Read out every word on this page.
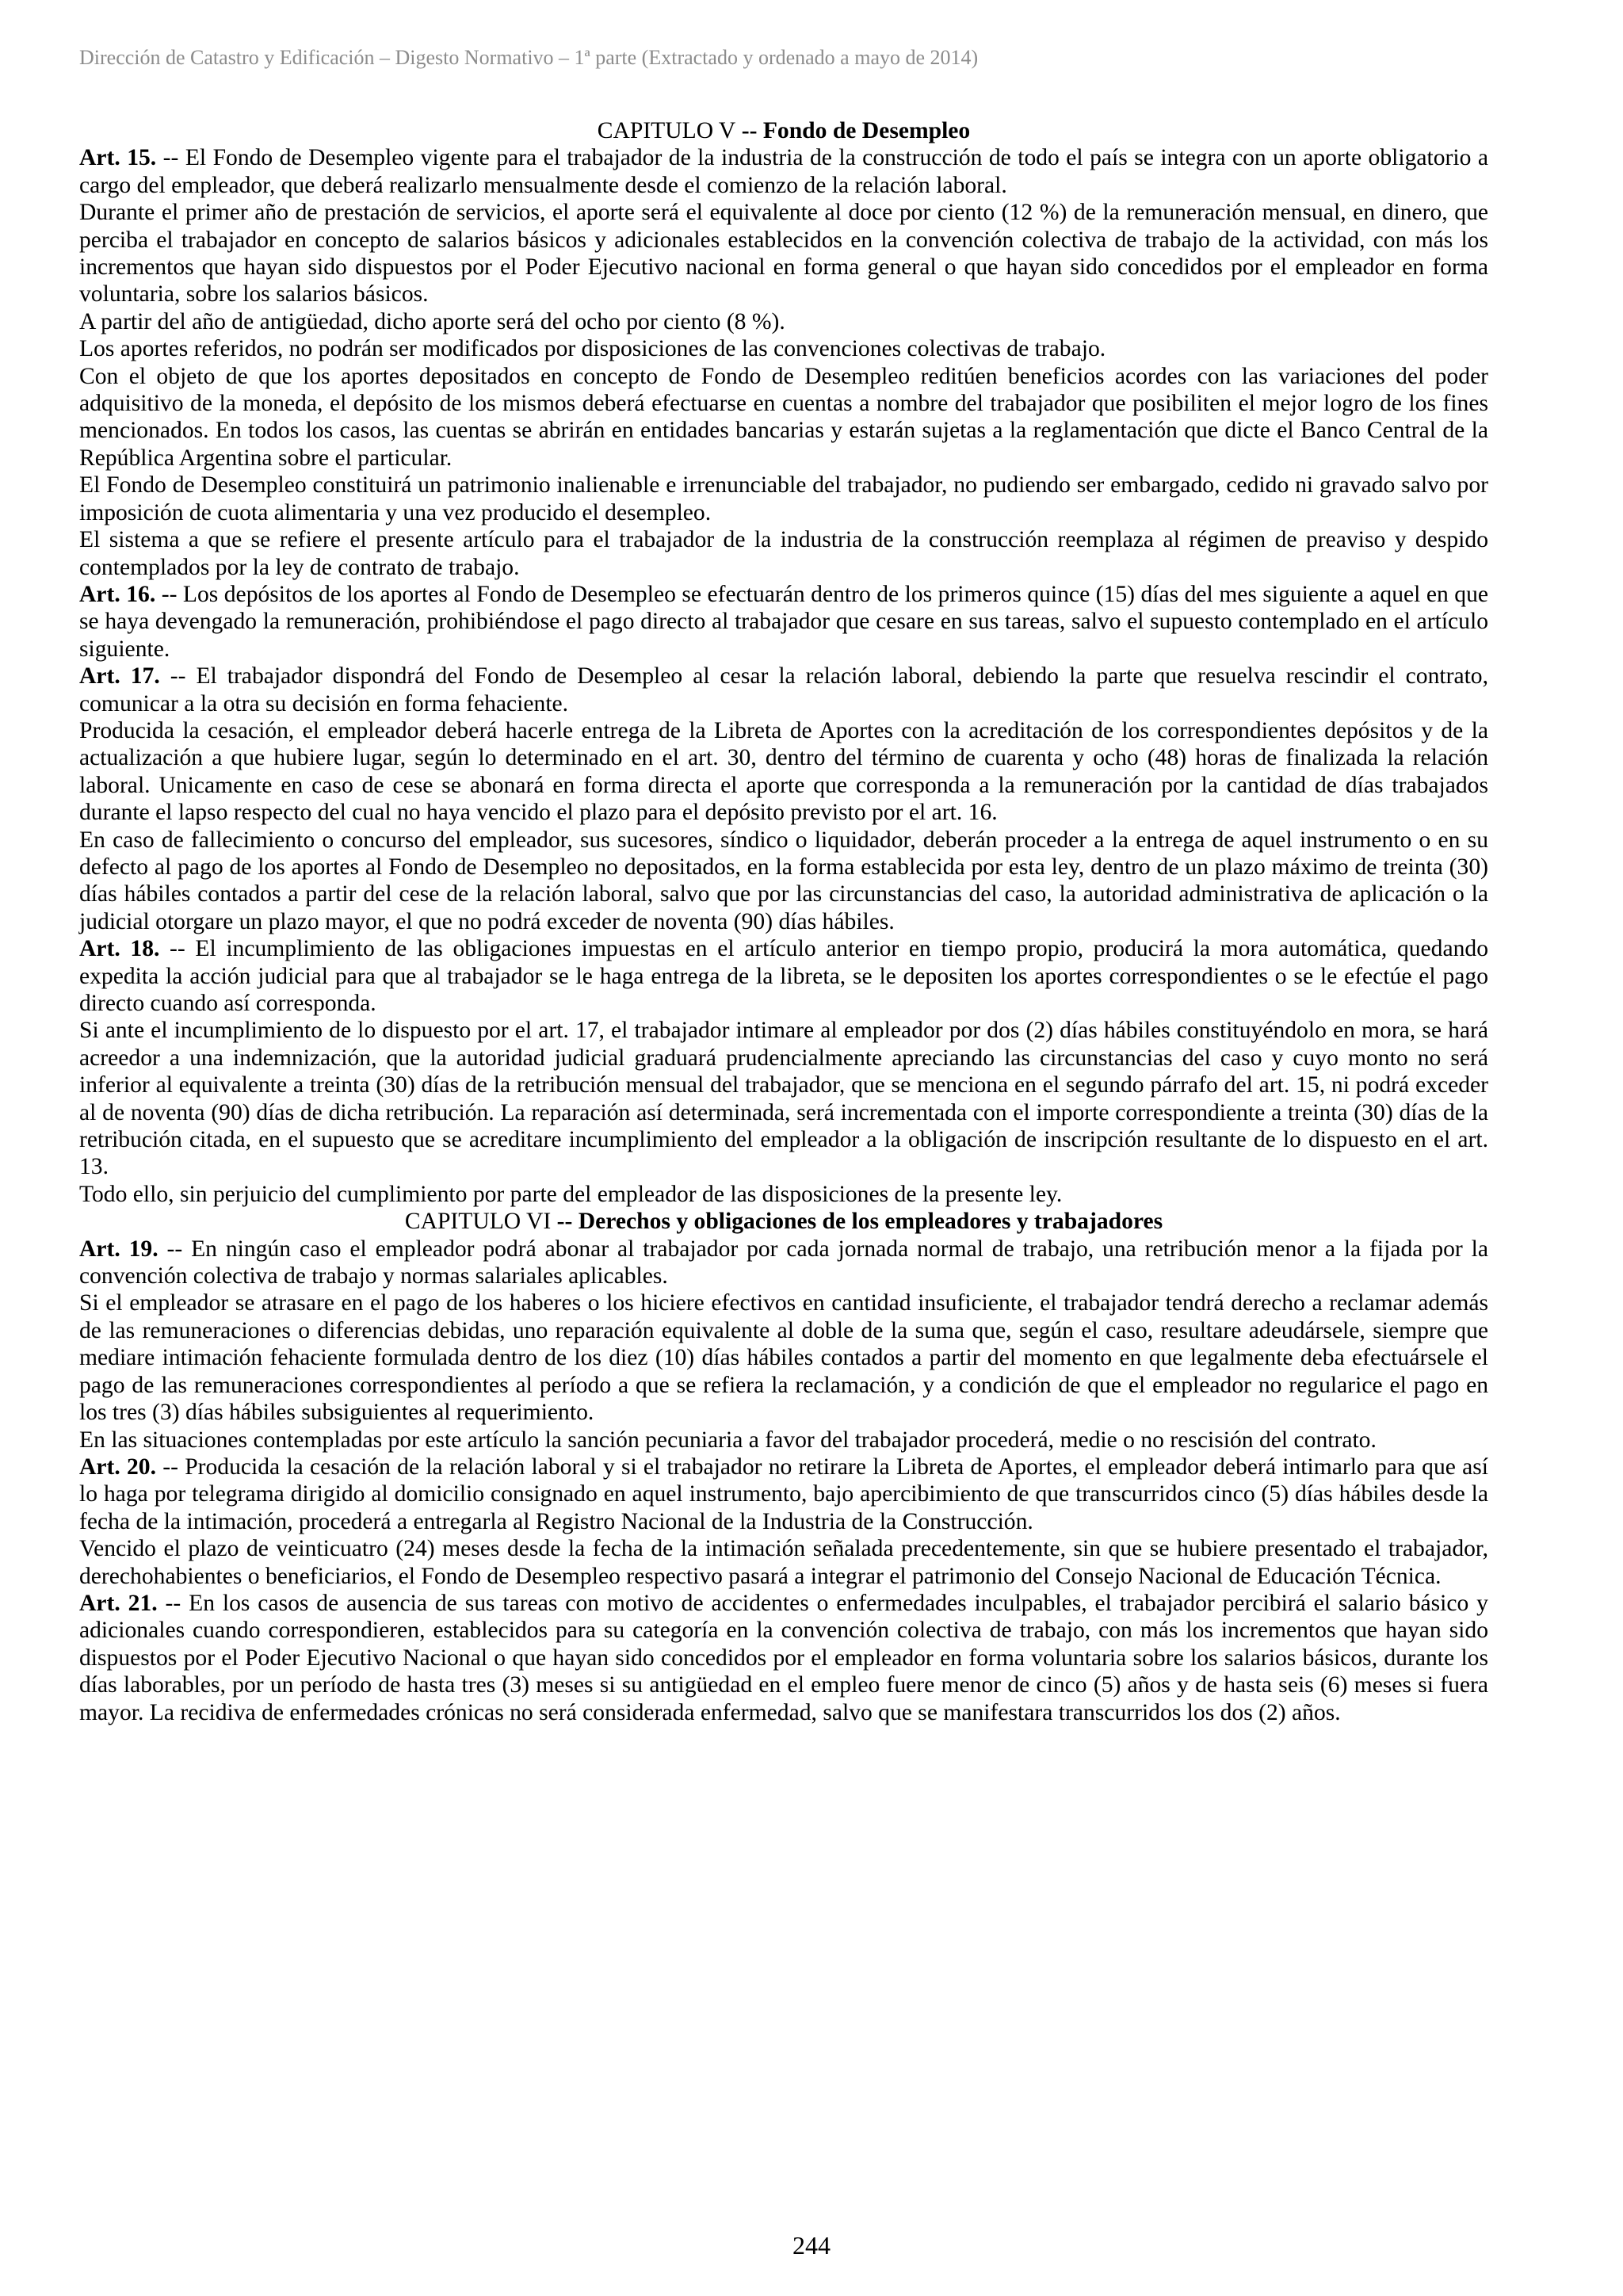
Dirección de Catastro y Edificación – Digesto Normativo – 1ª parte (Extractado y ordenado a mayo de 2014)

CAPITULO V -- Fondo de Desempleo

Art. 15. -- El Fondo de Desempleo vigente para el trabajador de la industria de la construcción de todo el país se integra con un aporte obligatorio a cargo del empleador, que deberá realizarlo mensualmente desde el comienzo de la relación laboral.

Durante el primer año de prestación de servicios, el aporte será el equivalente al doce por ciento (12 %) de la remuneración mensual, en dinero, que perciba el trabajador en concepto de salarios básicos y adicionales establecidos en la convención colectiva de trabajo de la actividad, con más los incrementos que hayan sido dispuestos por el Poder Ejecutivo nacional en forma general o que hayan sido concedidos por el empleador en forma voluntaria, sobre los salarios básicos.

A partir del año de antigüedad, dicho aporte será del ocho por ciento (8 %).

Los aportes referidos, no podrán ser modificados por disposiciones de las convenciones colectivas de trabajo.

Con el objeto de que los aportes depositados en concepto de Fondo de Desempleo reditúen beneficios acordes con las variaciones del poder adquisitivo de la moneda, el depósito de los mismos deberá efectuarse en cuentas a nombre del trabajador que posibiliten el mejor logro de los fines mencionados. En todos los casos, las cuentas se abrirán en entidades bancarias y estarán sujetas a la reglamentación que dicte el Banco Central de la República Argentina sobre el particular.

El Fondo de Desempleo constituirá un patrimonio inalienable e irrenunciable del trabajador, no pudiendo ser embargado, cedido ni gravado salvo por imposición de cuota alimentaria y una vez producido el desempleo.

El sistema a que se refiere el presente artículo para el trabajador de la industria de la construcción reemplaza al régimen de preaviso y despido contemplados por la ley de contrato de trabajo.

Art. 16. -- Los depósitos de los aportes al Fondo de Desempleo se efectuarán dentro de los primeros quince (15) días del mes siguiente a aquel en que se haya devengado la remuneración, prohibiéndose el pago directo al trabajador que cesare en sus tareas, salvo el supuesto contemplado en el artículo siguiente.

Art. 17. -- El trabajador dispondrá del Fondo de Desempleo al cesar la relación laboral, debiendo la parte que resuelva rescindir el contrato, comunicar a la otra su decisión en forma fehaciente.

Producida la cesación, el empleador deberá hacerle entrega de la Libreta de Aportes con la acreditación de los correspondientes depósitos y de la actualización a que hubiere lugar, según lo determinado en el art. 30, dentro del término de cuarenta y ocho (48) horas de finalizada la relación laboral. Unicamente en caso de cese se abonará en forma directa el aporte que corresponda a la remuneración por la cantidad de días trabajados durante el lapso respecto del cual no haya vencido el plazo para el depósito previsto por el art. 16.

En caso de fallecimiento o concurso del empleador, sus sucesores, síndico o liquidador, deberán proceder a la entrega de aquel instrumento o en su defecto al pago de los aportes al Fondo de Desempleo no depositados, en la forma establecida por esta ley, dentro de un plazo máximo de treinta (30) días hábiles contados a partir del cese de la relación laboral, salvo que por las circunstancias del caso, la autoridad administrativa de aplicación o la judicial otorgare un plazo mayor, el que no podrá exceder de noventa (90) días hábiles.

Art. 18. -- El incumplimiento de las obligaciones impuestas en el artículo anterior en tiempo propio, producirá la mora automática, quedando expedita la acción judicial para que al trabajador se le haga entrega de la libreta, se le depositen los aportes correspondientes o se le efectúe el pago directo cuando así corresponda.

Si ante el incumplimiento de lo dispuesto por el art. 17, el trabajador intimare al empleador por dos (2) días hábiles constituyéndolo en mora, se hará acreedor a una indemnización, que la autoridad judicial graduará prudencialmente apreciando las circunstancias del caso y cuyo monto no será inferior al equivalente a treinta (30) días de la retribución mensual del trabajador, que se menciona en el segundo párrafo del art. 15, ni podrá exceder al de noventa (90) días de dicha retribución. La reparación así determinada, será incrementada con el importe correspondiente a treinta (30) días de la retribución citada, en el supuesto que se acreditare incumplimiento del empleador a la obligación de inscripción resultante de lo dispuesto en el art. 13.

Todo ello, sin perjuicio del cumplimiento por parte del empleador de las disposiciones de la presente ley.

CAPITULO VI -- Derechos y obligaciones de los empleadores y trabajadores

Art. 19. -- En ningún caso el empleador podrá abonar al trabajador por cada jornada normal de trabajo, una retribución menor a la fijada por la convención colectiva de trabajo y normas salariales aplicables.

Si el empleador se atrasare en el pago de los haberes o los hiciere efectivos en cantidad insuficiente, el trabajador tendrá derecho a reclamar además de las remuneraciones o diferencias debidas, uno reparación equivalente al doble de la suma que, según el caso, resultare adeudársele, siempre que mediare intimación fehaciente formulada dentro de los diez (10) días hábiles contados a partir del momento en que legalmente deba efectuársele el pago de las remuneraciones correspondientes al período a que se refiera la reclamación, y a condición de que el empleador no regularice el pago en los tres (3) días hábiles subsiguientes al requerimiento.

En las situaciones contempladas por este artículo la sanción pecuniaria a favor del trabajador procederá, medie o no rescisión del contrato.

Art. 20. -- Producida la cesación de la relación laboral y si el trabajador no retirare la Libreta de Aportes, el empleador deberá intimarlo para que así lo haga por telegrama dirigido al domicilio consignado en aquel instrumento, bajo apercibimiento de que transcurridos cinco (5) días hábiles desde la fecha de la intimación, procederá a entregarla al Registro Nacional de la Industria de la Construcción.

Vencido el plazo de veinticuatro (24) meses desde la fecha de la intimación señalada precedentemente, sin que se hubiere presentado el trabajador, derechohabientes o beneficiarios, el Fondo de Desempleo respectivo pasará a integrar el patrimonio del Consejo Nacional de Educación Técnica.

Art. 21. -- En los casos de ausencia de sus tareas con motivo de accidentes o enfermedades inculpables, el trabajador percibirá el salario básico y adicionales cuando correspondieren, establecidos para su categoría en la convención colectiva de trabajo, con más los incrementos que hayan sido dispuestos por el Poder Ejecutivo Nacional o que hayan sido concedidos por el empleador en forma voluntaria sobre los salarios básicos, durante los días laborables, por un período de hasta tres (3) meses si su antigüedad en el empleo fuere menor de cinco (5) años y de hasta seis (6) meses si fuera mayor. La recidiva de enfermedades crónicas no será considerada enfermedad, salvo que se manifestara transcurridos los dos (2) años.

244
